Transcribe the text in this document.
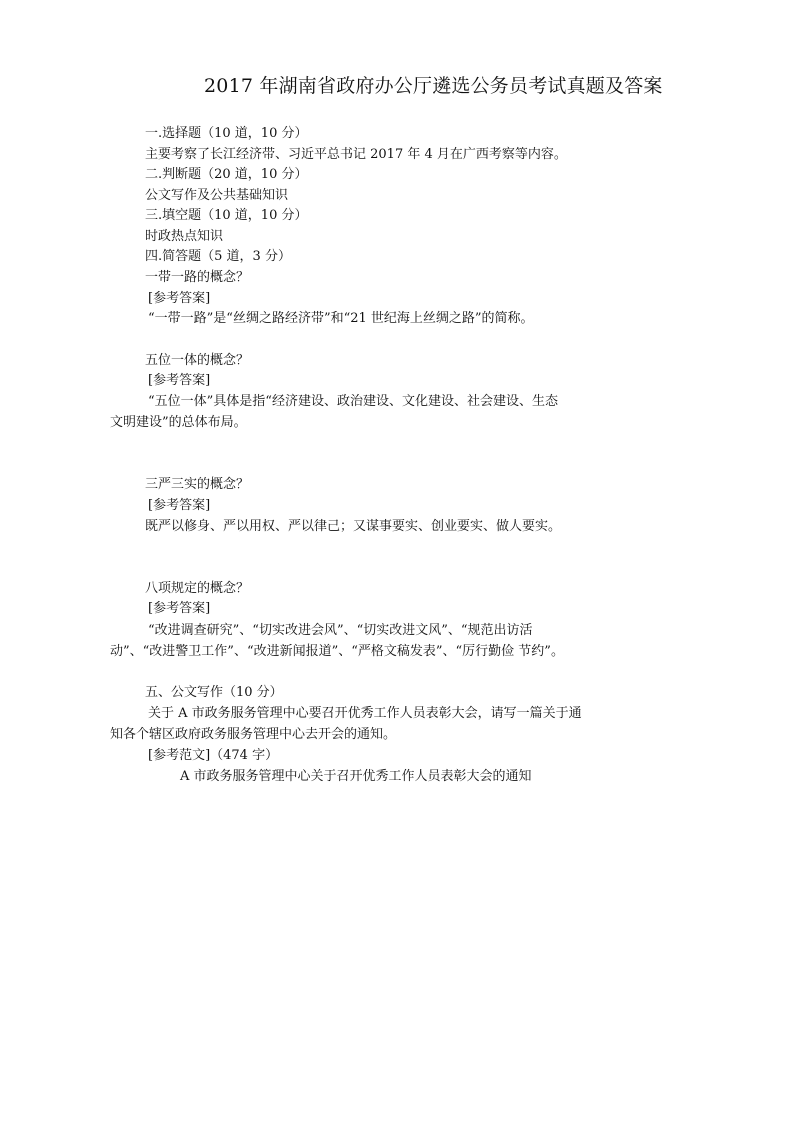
2017 年湖南省政府办公厅遴选公务员考试真题及答案
一.选择题（10 道，10 分）
主要考察了长江经济带、习近平总书记 2017 年 4 月在广西考察等内容。
二.判断题（20 道，10 分）
公文写作及公共基础知识
三.填空题（10 道，10 分）
时政热点知识
四.简答题（5 道，3 分）
一带一路的概念？
[参考答案]
“一带一路”是“丝绸之路经济带”和“21 世纪海上丝绸之路”的简称。
五位一体的概念？
[参考答案]
“五位一体”具体是指“经济建设、政治建设、文化建设、社会建设、生态
文明建设”的总体布局。
三严三实的概念？
[参考答案]
既严以修身、严以用权、严以律己；又谋事要实、创业要实、做人要实。
八项规定的概念？
[参考答案]
“改进调查研究”、“切实改进会风”、“切实改进文风”、“规范出访活
动”、“改进警卫工作”、“改进新闻报道”、“严格文稿发表”、“厉行勤俭 节约”。
五、公文写作（10 分）
关于 A 市政务服务管理中心要召开优秀工作人员表彰大会，请写一篇关于通
知各个辖区政府政务服务管理中心去开会的通知。
[参考范文]（474 字）
A 市政务服务管理中心关于召开优秀工作人员表彰大会的通知
